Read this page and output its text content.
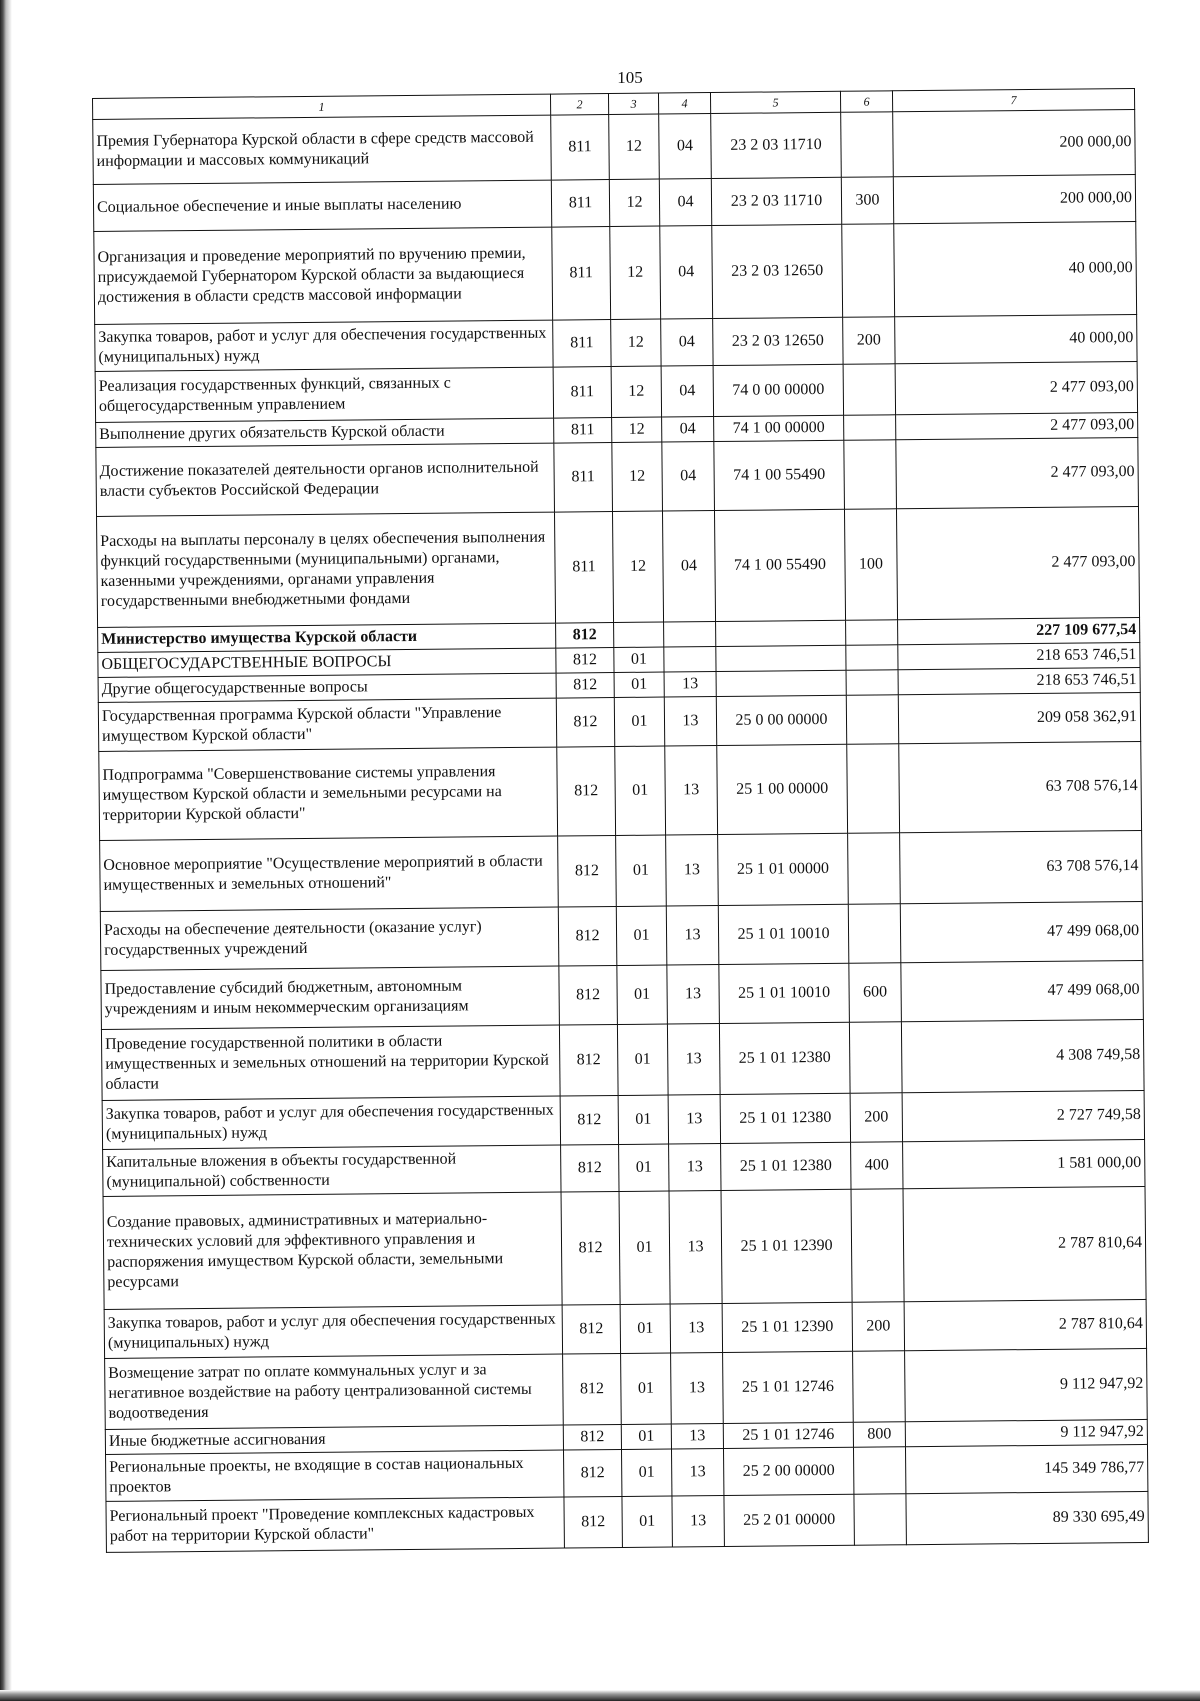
105
1	2	3	4	5	6	7
Премия Губернатора Курской области в сфере средств массовой информации и массовых коммуникаций	811	12	04	23 2 03 11710		200 000,00
Социальное обеспечение и иные выплаты населению	811	12	04	23 2 03 11710	300	200 000,00
Организация и проведение мероприятий по вручению премии, присуждаемой Губернатором Курской области за выдающиеся достижения в области средств массовой информации	811	12	04	23 2 03 12650		40 000,00
Закупка товаров, работ и услуг для обеспечения государственных (муниципальных) нужд	811	12	04	23 2 03 12650	200	40 000,00
Реализация государственных функций, связанных с общегосударственным управлением	811	12	04	74 0 00 00000		2 477 093,00
Выполнение других обязательств Курской области	811	12	04	74 1 00 00000		2 477 093,00
Достижение показателей деятельности органов исполнительной власти субъектов Российской Федерации	811	12	04	74 1 00 55490		2 477 093,00
Расходы на выплаты персоналу в целях обеспечения выполнения функций государственными (муниципальными) органами, казенными учреждениями, органами управления государственными внебюджетными фондами	811	12	04	74 1 00 55490	100	2 477 093,00
Министерство имущества Курской области	812					227 109 677,54
ОБЩЕГОСУДАРСТВЕННЫЕ ВОПРОСЫ	812	01				218 653 746,51
Другие общегосударственные вопросы	812	01	13			218 653 746,51
Государственная программа Курской области "Управление имуществом Курской области"	812	01	13	25 0 00 00000		209 058 362,91
Подпрограмма "Совершенствование системы управления имуществом Курской области и земельными ресурсами на территории Курской области"	812	01	13	25 1 00 00000		63 708 576,14
Основное мероприятие "Осуществление мероприятий в области имущественных и земельных отношений"	812	01	13	25 1 01 00000		63 708 576,14
Расходы на обеспечение деятельности (оказание услуг) государственных учреждений	812	01	13	25 1 01 10010		47 499 068,00
Предоставление субсидий бюджетным, автономным учреждениям и иным некоммерческим организациям	812	01	13	25 1 01 10010	600	47 499 068,00
Проведение государственной политики в области имущественных и земельных отношений на территории Курской области	812	01	13	25 1 01 12380		4 308 749,58
Закупка товаров, работ и услуг для обеспечения государственных (муниципальных) нужд	812	01	13	25 1 01 12380	200	2 727 749,58
Капитальные вложения в объекты государственной (муниципальной) собственности	812	01	13	25 1 01 12380	400	1 581 000,00
Создание правовых, административных и материально-технических условий для эффективного управления и распоряжения имуществом Курской области, земельными ресурсами	812	01	13	25 1 01 12390		2 787 810,64
Закупка товаров, работ и услуг для обеспечения государственных (муниципальных) нужд	812	01	13	25 1 01 12390	200	2 787 810,64
Возмещение затрат по оплате коммунальных услуг и за негативное воздействие на работу централизованной системы водоотведения	812	01	13	25 1 01 12746		9 112 947,92
Иные бюджетные ассигнования	812	01	13	25 1 01 12746	800	9 112 947,92
Региональные проекты, не входящие в состав национальных проектов	812	01	13	25 2 00 00000		145 349 786,77
Региональный проект "Проведение комплексных кадастровых работ на территории Курской области"	812	01	13	25 2 01 00000		89 330 695,49
